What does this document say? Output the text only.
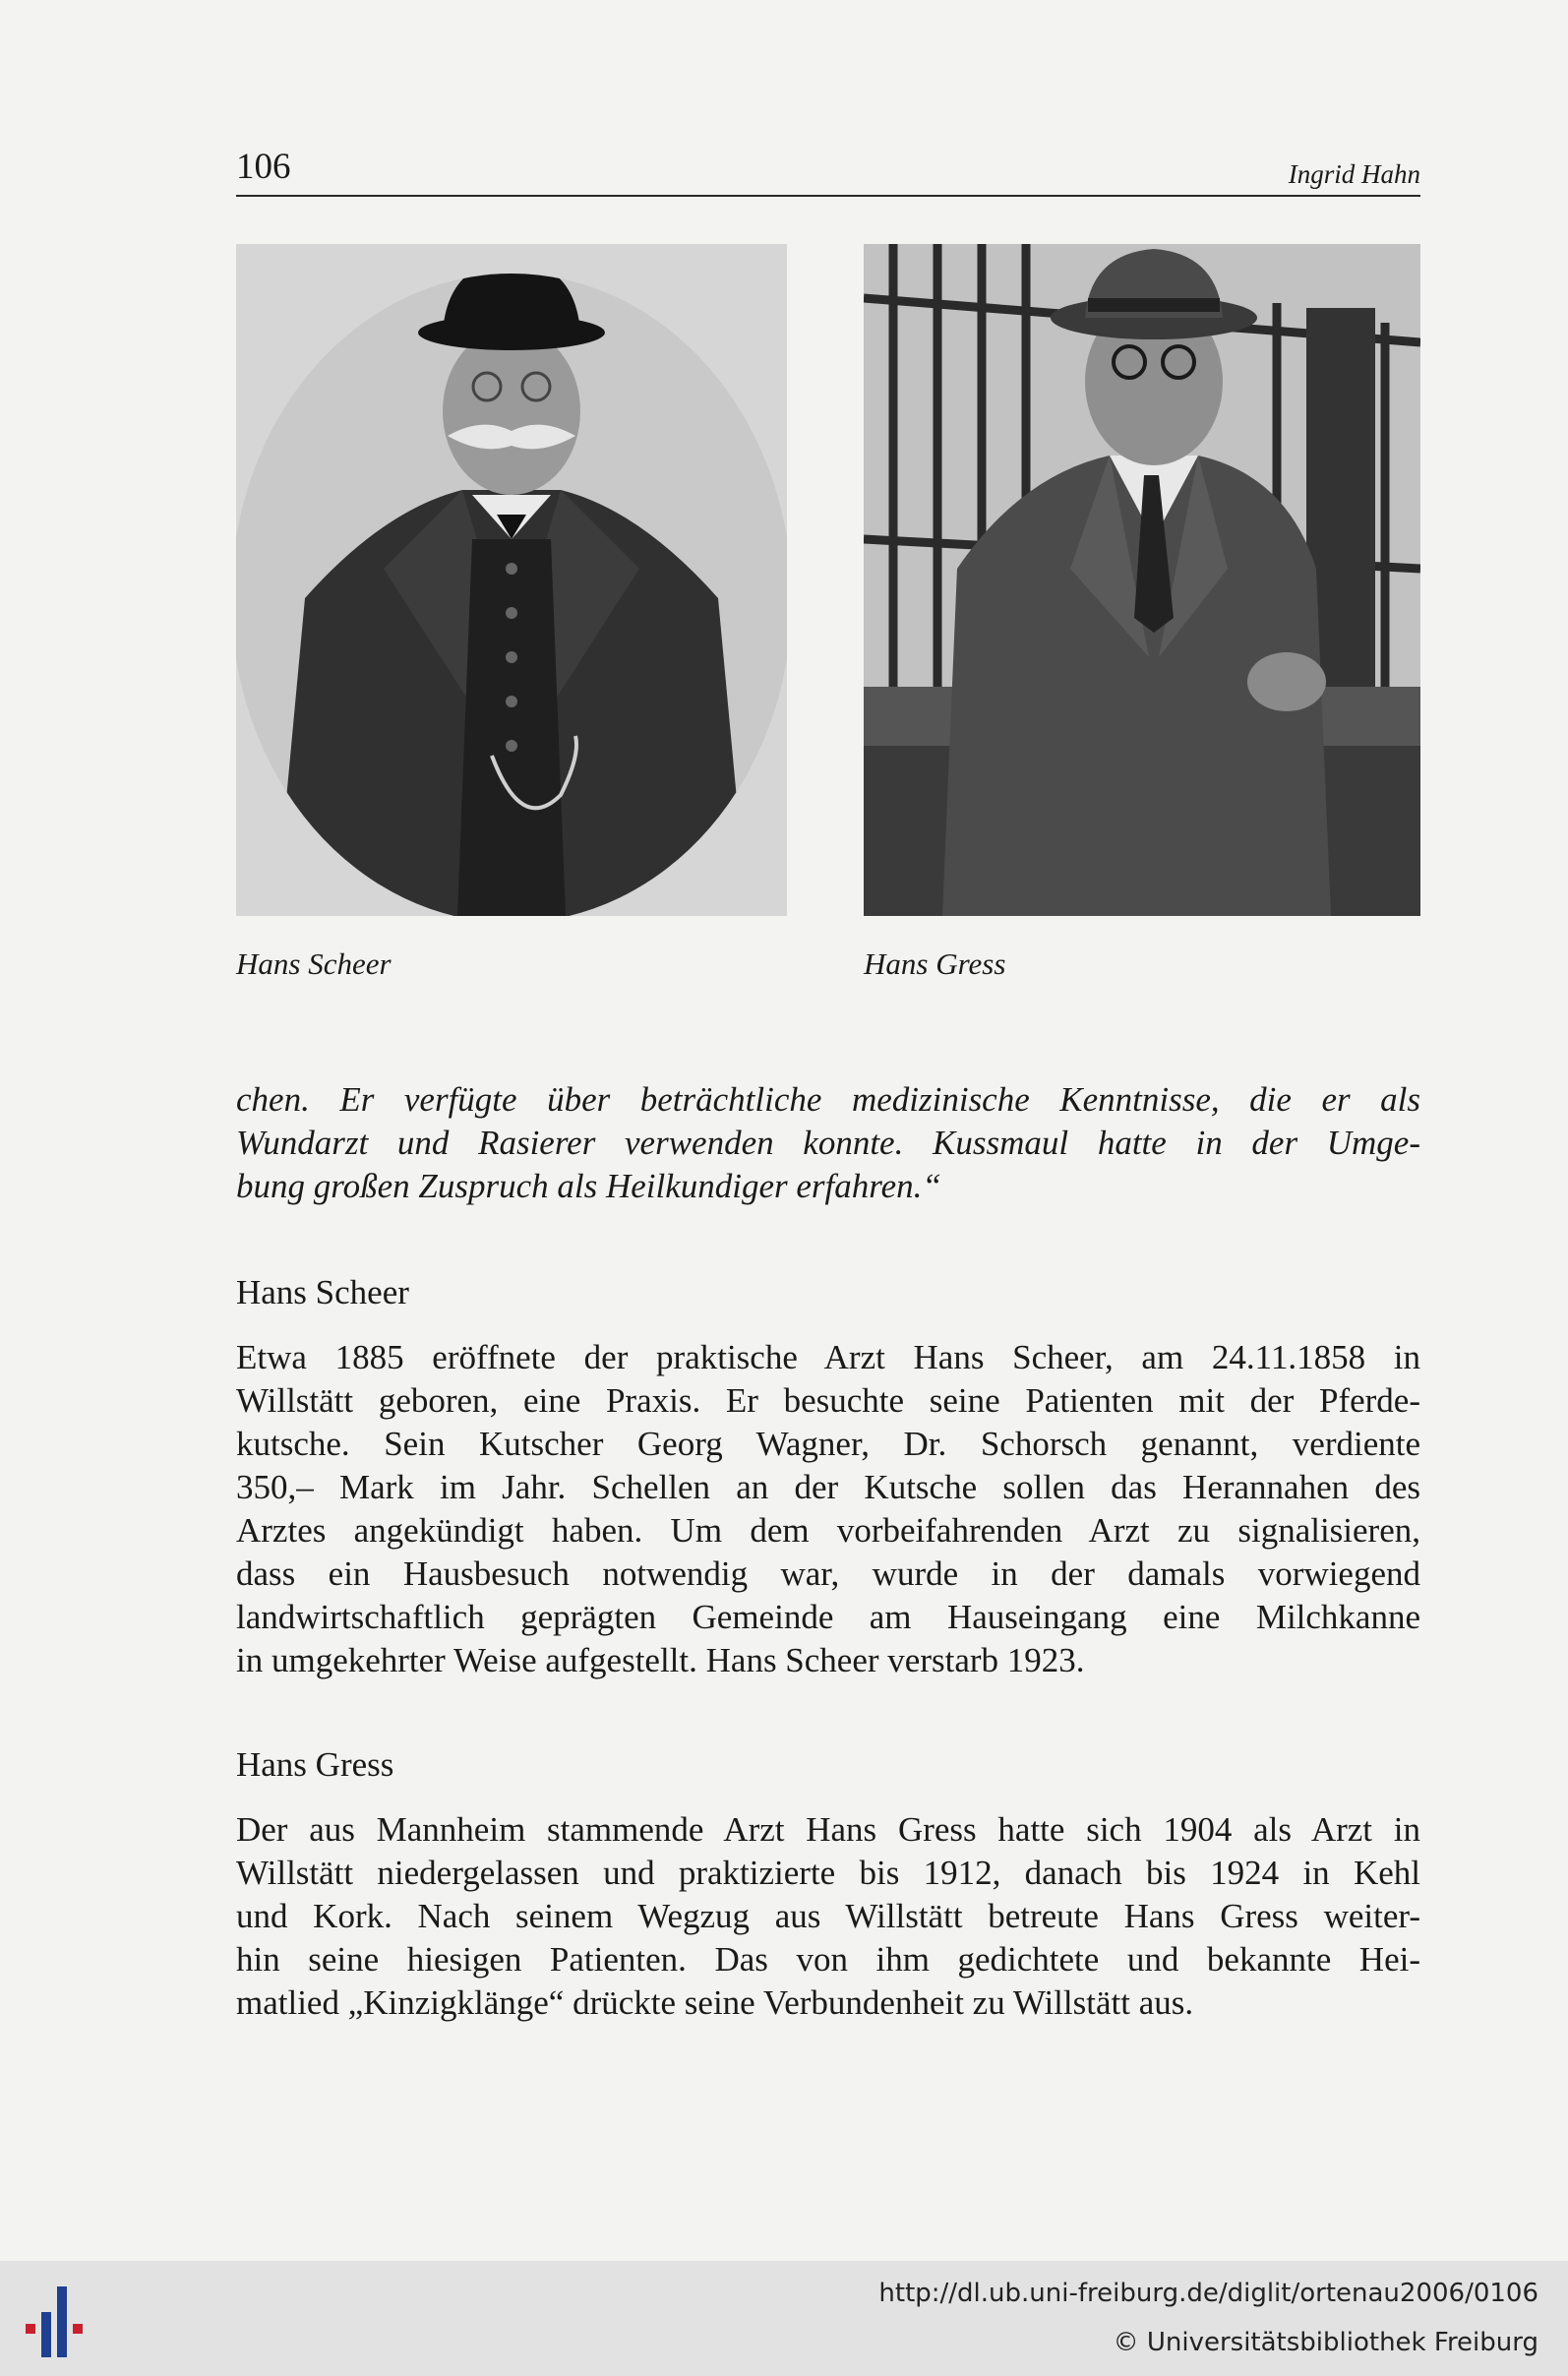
106	Ingrid Hahn
Hans Scheer	Hans Gress
chen. Er verfügte über beträchtliche medizinische Kenntnisse, die er als
Wundarzt und Rasierer verwenden konnte. Kussmaul hatte in der Umge-
bung großen Zuspruch als Heilkundiger erfahren.“
Hans Scheer
Etwa 1885 eröffnete der praktische Arzt Hans Scheer, am 24.11.1858 in
Willstätt geboren, eine Praxis. Er besuchte seine Patienten mit der Pferde-
kutsche. Sein Kutscher Georg Wagner, Dr. Schorsch genannt, verdiente
350,– Mark im Jahr. Schellen an der Kutsche sollen das Herannahen des
Arztes angekündigt haben. Um dem vorbeifahrenden Arzt zu signalisieren,
dass ein Hausbesuch notwendig war, wurde in der damals vorwiegend
landwirtschaftlich geprägten Gemeinde am Hauseingang eine Milchkanne
in umgekehrter Weise aufgestellt. Hans Scheer verstarb 1923.
Hans Gress
Der aus Mannheim stammende Arzt Hans Gress hatte sich 1904 als Arzt in
Willstätt niedergelassen und praktizierte bis 1912, danach bis 1924 in Kehl
und Kork. Nach seinem Wegzug aus Willstätt betreute Hans Gress weiter-
hin seine hiesigen Patienten. Das von ihm gedichtete und bekannte Hei-
matlied „Kinzigklänge“ drückte seine Verbundenheit zu Willstätt aus.
http://dl.ub.uni-freiburg.de/diglit/ortenau2006/0106
© Universitätsbibliothek Freiburg
